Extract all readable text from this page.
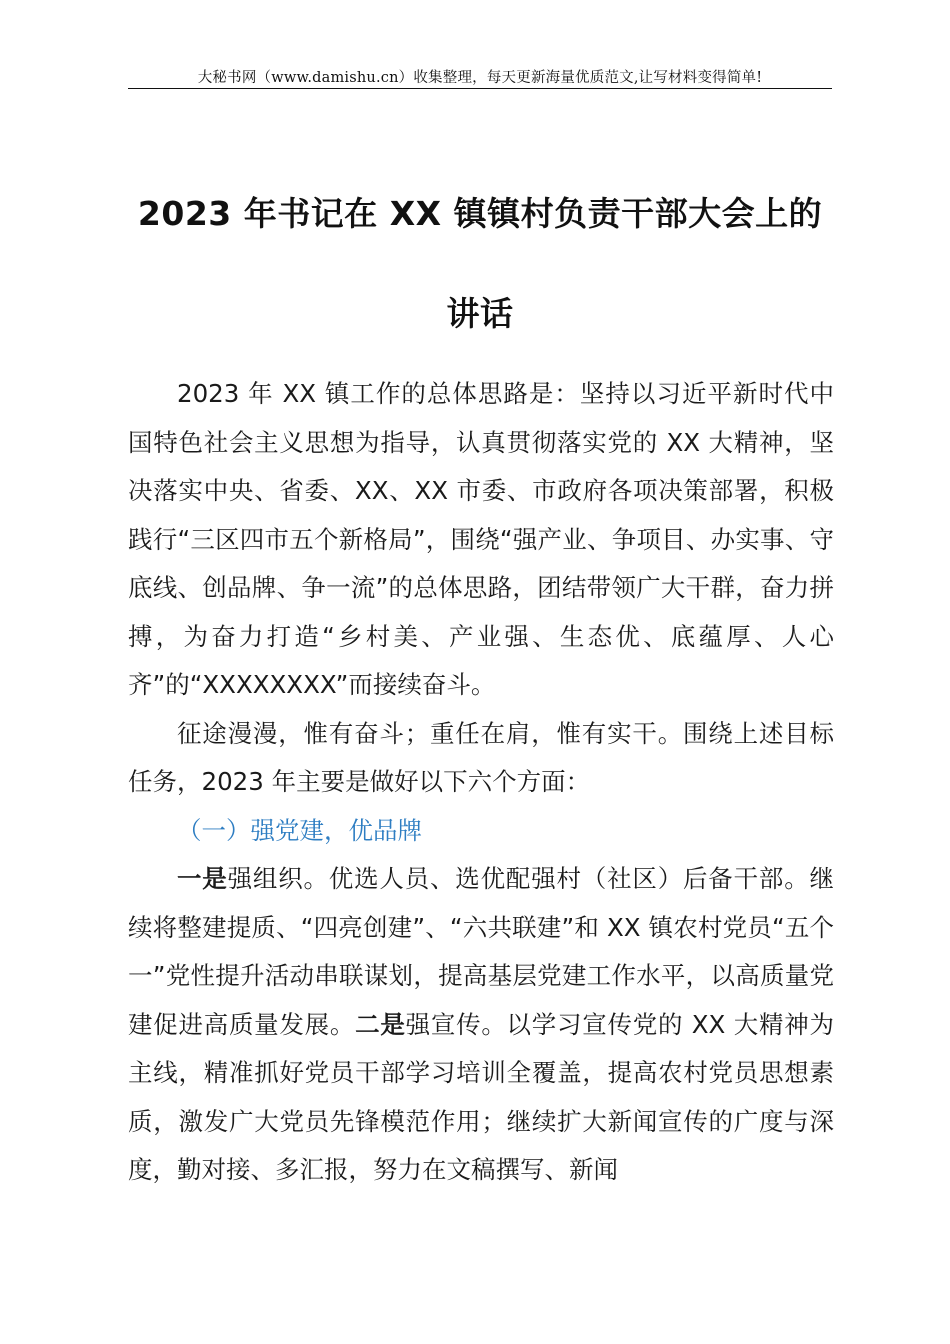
大秘书网（www.damishu.cn）收集整理，每天更新海量优质范文,让写材料变得简单!
2023 年书记在 XX 镇镇村负责干部大会上的
讲话

2023 年 XX 镇工作的总体思路是：坚持以习近平新时代中国特色社会主义思想为指导，认真贯彻落实党的 XX 大精神，坚决落实中央、省委、XX、XX 市委、市政府各项决策部署，积极践行“三区四市五个新格局”，围绕“强产业、争项目、办实事、守底线、创品牌、争一流”的总体思路，团结带领广大干群，奋力拼搏，为奋力打造“乡村美、产业强、生态优、底蕴厚、人心齐”的“XXXXXXXX”而接续奋斗。

征途漫漫，惟有奋斗；重任在肩，惟有实干。围绕上述目标任务，2023 年主要是做好以下六个方面：

（一）强党建，优品牌

一是强组织。优选人员、选优配强村（社区）后备干部。继续将整建提质、“四亮创建”、“六共联建”和 XX 镇农村党员“五个一”党性提升活动串联谋划，提高基层党建工作水平，以高质量党建促进高质量发展。二是强宣传。以学习宣传党的 XX 大精神为主线，精准抓好党员干部学习培训全覆盖，提高农村党员思想素质，激发广大党员先锋模范作用；继续扩大新闻宣传的广度与深度，勤对接、多汇报，努力在文稿撰写、新闻
